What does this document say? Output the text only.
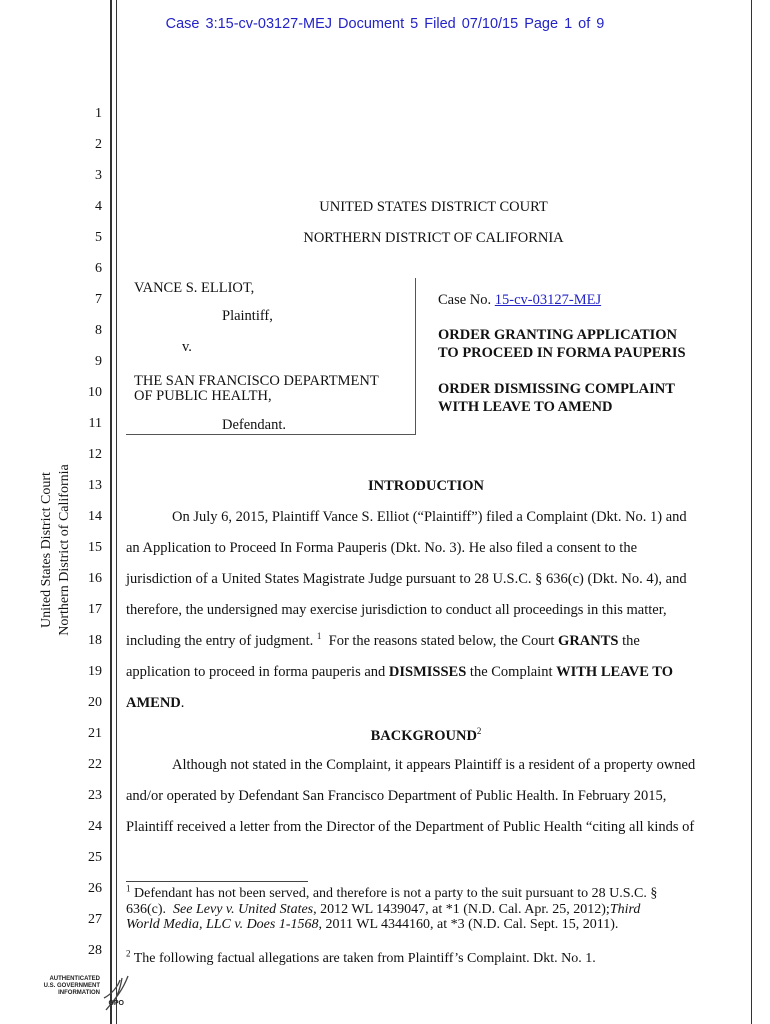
Case 3:15-cv-03127-MEJ Document 5 Filed 07/10/15 Page 1 of 9
United States District Court Northern District of California
1
2
3
4
5
6
7
8
9
10
11
12
13
14
15
16
17
18
19
20
21
22
23
24
25
26
27
28
UNITED STATES DISTRICT COURT
NORTHERN DISTRICT OF CALIFORNIA
VANCE S. ELLIOT,
Plaintiff,
v.
THE SAN FRANCISCO DEPARTMENT
OF PUBLIC HEALTH,
Defendant.
Case No. 15-cv-03127-MEJ
ORDER GRANTING APPLICATION
TO PROCEED IN FORMA PAUPERIS
ORDER DISMISSING COMPLAINT
WITH LEAVE TO AMEND
INTRODUCTION
On July 6, 2015, Plaintiff Vance S. Elliot (“Plaintiff”) filed a Complaint (Dkt. No. 1) and
an Application to Proceed In Forma Pauperis (Dkt. No. 3). He also filed a consent to the
jurisdiction of a United States Magistrate Judge pursuant to 28 U.S.C. § 636(c) (Dkt. No. 4), and
therefore, the undersigned may exercise jurisdiction to conduct all proceedings in this matter,
including the entry of judgment. $^1$  For the reasons stated below, the Court GRANTS the
application to proceed in forma pauperis and DISMISSES the Complaint WITH LEAVE TO
AMEND.
BACKGROUND$^2$
Although not stated in the Complaint, it appears Plaintiff is a resident of a property owned
and/or operated by Defendant San Francisco Department of Public Health. In February 2015,
Plaintiff received a letter from the Director of the Department of Public Health “citing all kinds of
$^1$ Defendant has not been served, and therefore is not a party to the suit pursuant to 28 U.S.C. §
636(c).  See Levy v. United States, 2012 WL 1439047, at *1 (N.D. Cal. Apr. 25, 2012);Third
World Media, LLC v. Does 1-1568, 2011 WL 4344160, at *3 (N.D. Cal. Sept. 15, 2011).
$^2$ The following factual allegations are taken from Plaintiff’s Complaint. Dkt. No. 1.
AUTHENTICATED
U.S. GOVERNMENT
INFORMATION
GPO
